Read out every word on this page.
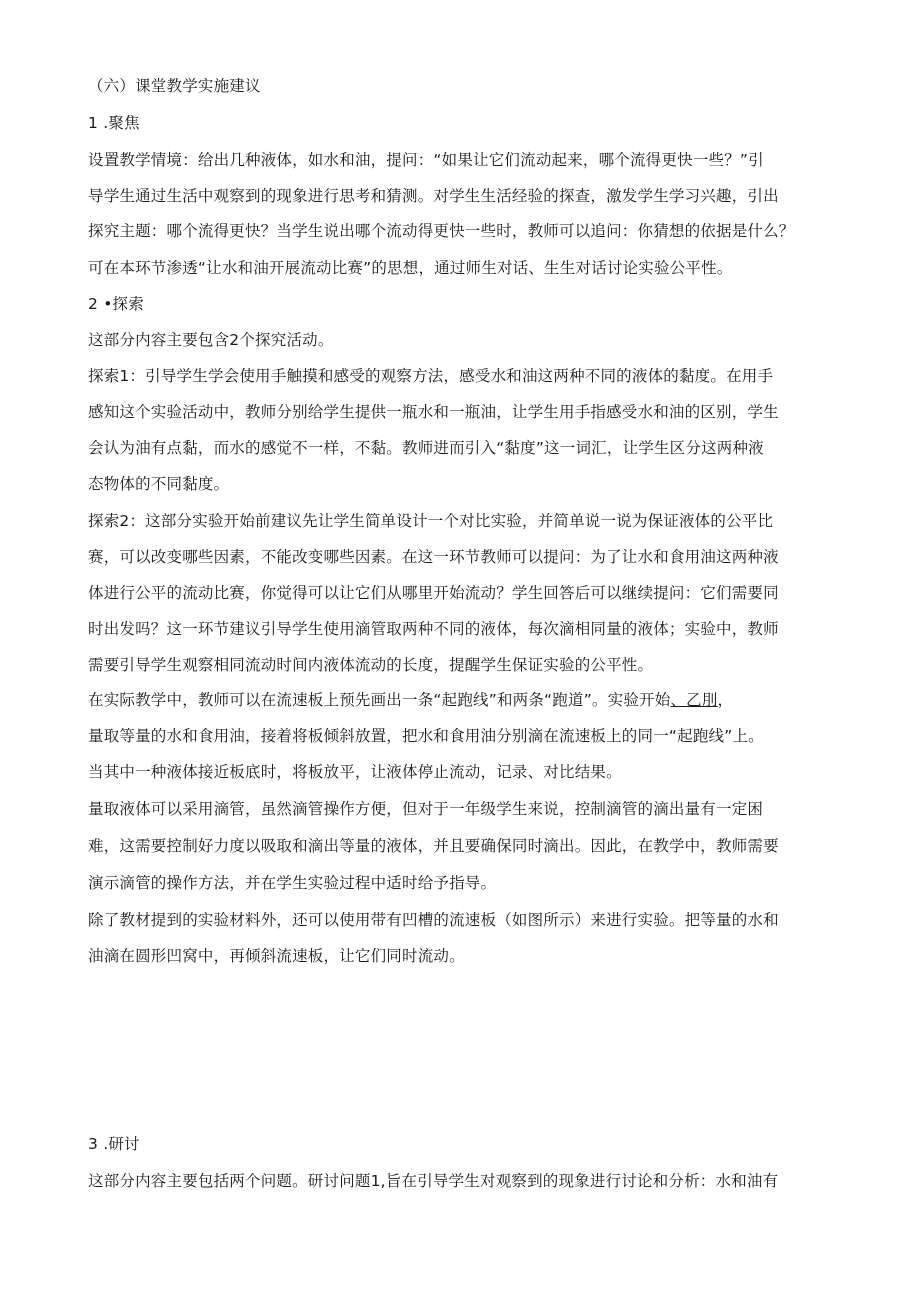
（六）课堂教学实施建议
1 .聚焦
设置教学情境：给出几种液体，如水和油，提问：“如果让它们流动起来，哪个流得更快一些？”引
导学生通过生活中观察到的现象进行思考和猜测。对学生生活经验的探查，激发学生学习兴趣，引出
探究主题：哪个流得更快？当学生说出哪个流动得更快一些时，教师可以追问：你猜想的依据是什么？
可在本环节渗透“让水和油开展流动比赛”的思想，通过师生对话、生生对话讨论实验公平性。
2 •探索
这部分内容主要包含2个探究活动。
探索1：引导学生学会使用手触摸和感受的观察方法，感受水和油这两种不同的液体的黏度。在用手
感知这个实验活动中，教师分别给学生提供一瓶水和一瓶油，让学生用手指感受水和油的区别，学生
会认为油有点黏，而水的感觉不一样，不黏。教师进而引入“黏度”这一词汇，让学生区分这两种液
态物体的不同黏度。
探索2：这部分实验开始前建议先让学生简单设计一个对比实验，并简单说一说为保证液体的公平比
赛，可以改变哪些因素，不能改变哪些因素。在这一环节教师可以提问：为了让水和食用油这两种液
体进行公平的流动比赛，你觉得可以让它们从哪里开始流动？学生回答后可以继续提问：它们需要同
时出发吗？这一环节建议引导学生使用滴管取两种不同的液体，每次滴相同量的液体；实验中，教师
需要引导学生观察相同流动时间内液体流动的长度，提醒学生保证实验的公平性。
在实际教学中，教师可以在流速板上预先画出一条“起跑线”和两条“跑道”。实验开始、乙刖，
量取等量的水和食用油，接着将板倾斜放置，把水和食用油分别滴在流速板上的同一“起跑线”上。
当其中一种液体接近板底时，将板放平，让液体停止流动，记录、对比结果。
量取液体可以采用滴管，虽然滴管操作方便，但对于一年级学生来说，控制滴管的滴出量有一定困
难，这需要控制好力度以吸取和滴出等量的液体，并且要确保同时滴出。因此，在教学中，教师需要
演示滴管的操作方法，并在学生实验过程中适时给予指导。
除了教材提到的实验材料外，还可以使用带有凹槽的流速板（如图所示）来进行实验。把等量的水和
油滴在圆形凹窝中，再倾斜流速板，让它们同时流动。
3 .研讨
这部分内容主要包括两个问题。研讨问题1,旨在引导学生对观察到的现象进行讨论和分析：水和油有
